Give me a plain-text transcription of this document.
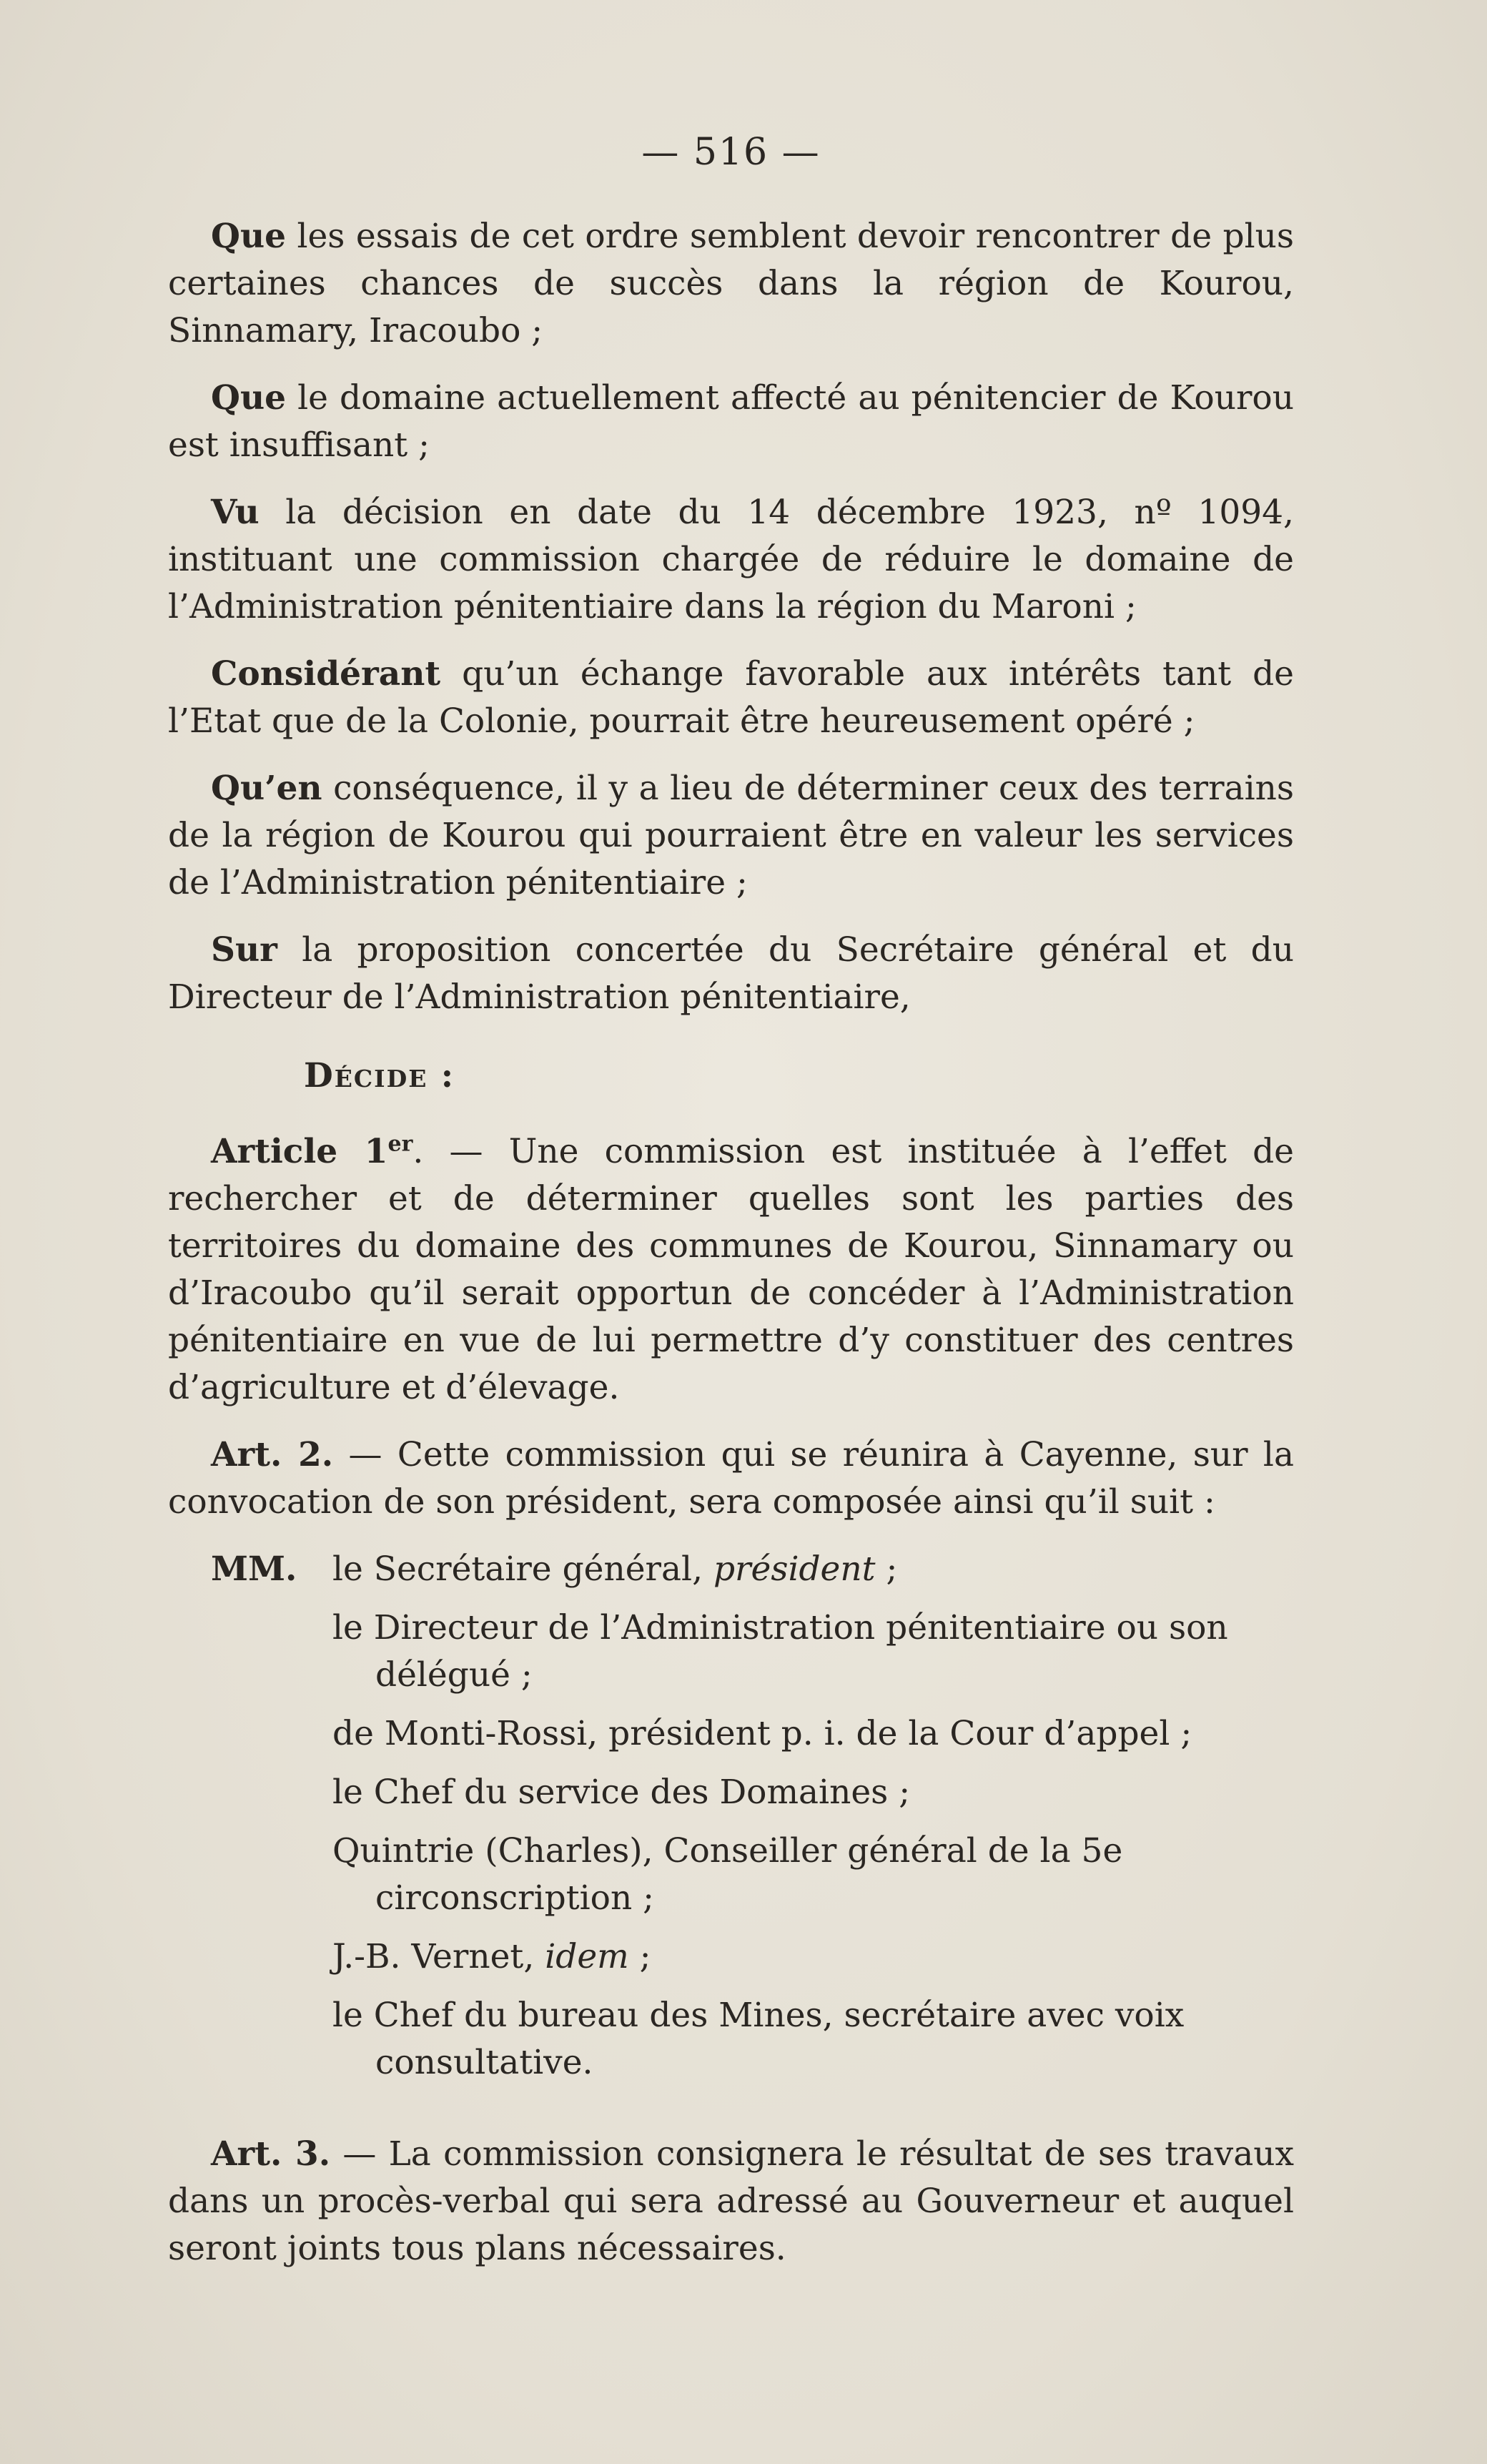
— 516 —

Que les essais de cet ordre semblent devoir rencontrer de plus certaines chances de succès dans la région de Kourou, Sinnamary, Iracoubo ;

Que le domaine actuellement affecté au pénitencier de Kourou est insuffisant ;

Vu la décision en date du 14 décembre 1923, nº 1094, instituant une commission chargée de réduire le domaine de l’Administration pénitentiaire dans la région du Maroni ;

Considérant qu’un échange favorable aux intérêts tant de l’Etat que de la Colonie, pourrait être heureusement opéré ;

Qu’en conséquence, il y a lieu de déterminer ceux des terrains de la région de Kourou qui pourraient être en valeur les services de l’Administration pénitentiaire ;

Sur la proposition concertée du Secrétaire général et du Directeur de l’Administration pénitentiaire,

Décide :

Article 1er. — Une commission est instituée à l’effet de rechercher et de déterminer quelles sont les parties des territoires du domaine des communes de Kourou, Sinnamary ou d’Iracoubo qu’il serait opportun de concéder à l’Administration pénitentiaire en vue de lui permettre d’y constituer des centres d’agriculture et d’élevage.

Art. 2. — Cette commission qui se réunira à Cayenne, sur la convocation de son président, sera composée ainsi qu’il suit :

MM.	le Secrétaire général, président ;
le Directeur de l’Administration pénitentiaire ou son délégué ;
de Monti-Rossi, président p. i. de la Cour d’appel ;
le Chef du service des Domaines ;
Quintrie (Charles), Conseiller général de la 5e circonscription ;
J.-B. Vernet, idem ;
le Chef du bureau des Mines, secrétaire avec voix consultative.

Art. 3. — La commission consignera le résultat de ses travaux dans un procès-verbal qui sera adressé au Gouverneur et auquel seront joints tous plans nécessaires.
